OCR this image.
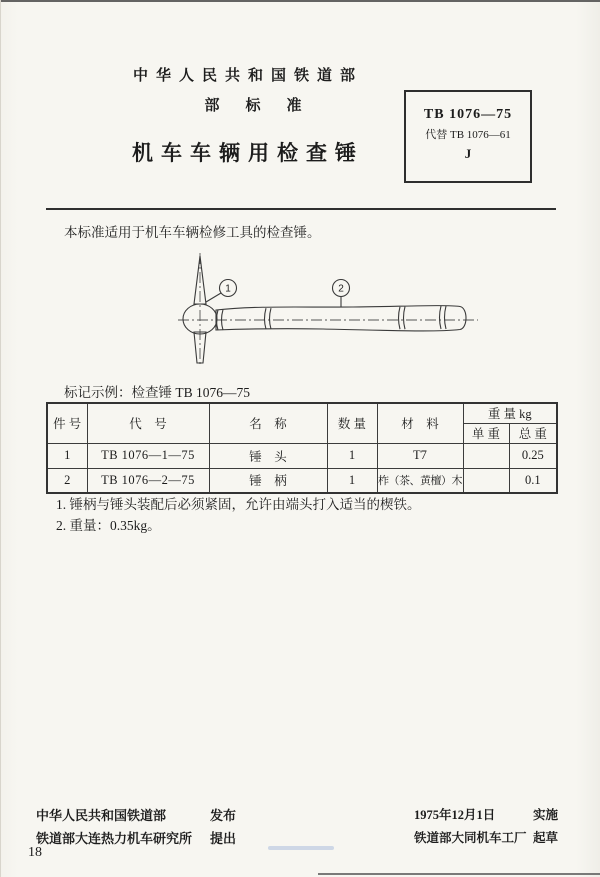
中华人民共和国铁道部
部标准
机车车辆用检查锤
TB 1076—75
代替 TB 1076—61
J
本标准适用于机车车辆检修工具的检查锤。
1	2
标记示例：检查锤 TB 1076—75
件 号	代　号	名　称	数 量	材　料	重 量 kg	
					单 重	总 重
1	TB 1076—1—75	锤　头	1	T7		0.25
2	TB 1076—2—75	锤　柄	1	柞（茶、黄檀）木		0.1
1. 锤柄与锤头装配后必须紧固，允许由端头打入适当的楔铁。
2. 重量：0.35kg。
中华人民共和国铁道部	发布
铁道部大连热力机车研究所 提出
1975年12月1日	实施
铁道部大同机车工厂 起草
18
